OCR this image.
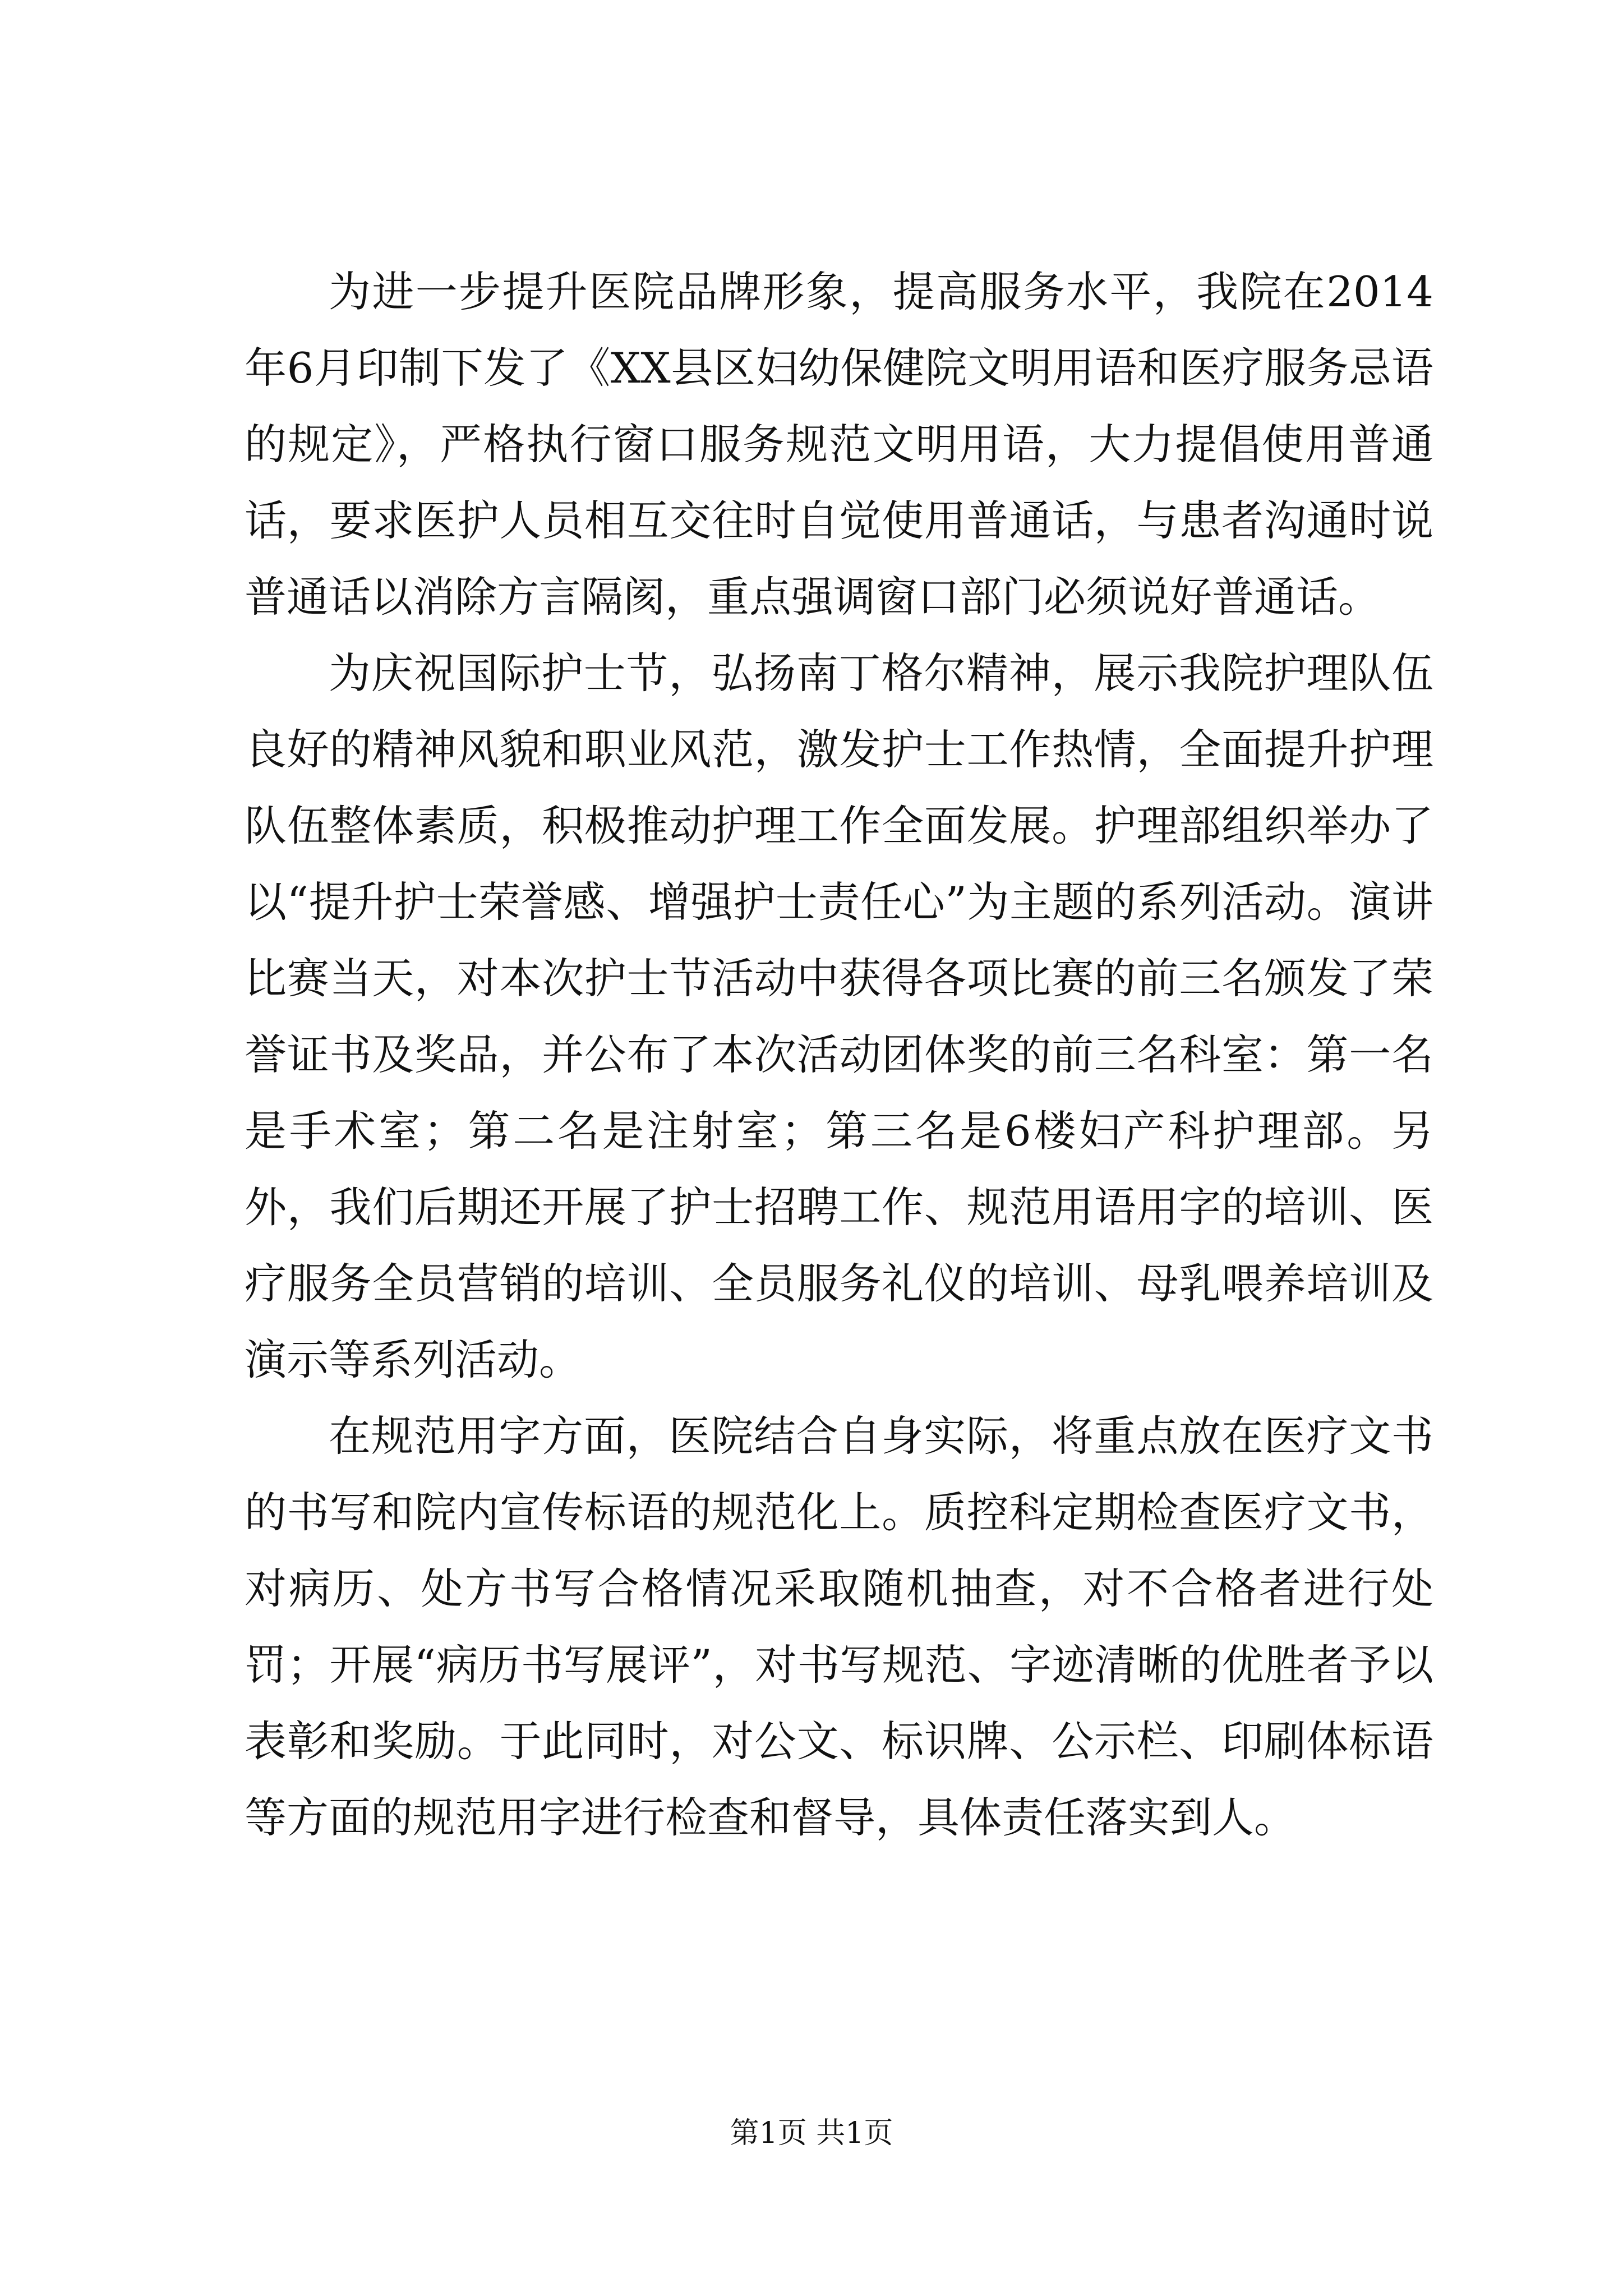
为进一步提升医院品牌形象，提高服务水平，我院在2014年6月印制下发了《XX县区妇幼保健院文明用语和医疗服务忌语的规定》，严格执行窗口服务规范文明用语，大力提倡使用普通话，要求医护人员相互交往时自觉使用普通话，与患者沟通时说普通话以消除方言隔阂，重点强调窗口部门必须说好普通话。

为庆祝国际护士节，弘扬南丁格尔精神，展示我院护理队伍良好的精神风貌和职业风范，激发护士工作热情，全面提升护理队伍整体素质，积极推动护理工作全面发展。护理部组织举办了以“提升护士荣誉感、增强护士责任心”为主题的系列活动。演讲比赛当天，对本次护士节活动中获得各项比赛的前三名颁发了荣誉证书及奖品，并公布了本次活动团体奖的前三名科室：第一名是手术室；第二名是注射室；第三名是6楼妇产科护理部。另外，我们后期还开展了护士招聘工作、规范用语用字的培训、医疗服务全员营销的培训、全员服务礼仪的培训、母乳喂养培训及演示等系列活动。

在规范用字方面，医院结合自身实际，将重点放在医疗文书的书写和院内宣传标语的规范化上。质控科定期检查医疗文书，对病历、处方书写合格情况采取随机抽查，对不合格者进行处罚；开展“病历书写展评”，对书写规范、字迹清晰的优胜者予以表彰和奖励。于此同时，对公文、标识牌、公示栏、印刷体标语等方面的规范用字进行检查和督导，具体责任落实到人。

第1页 共1页
